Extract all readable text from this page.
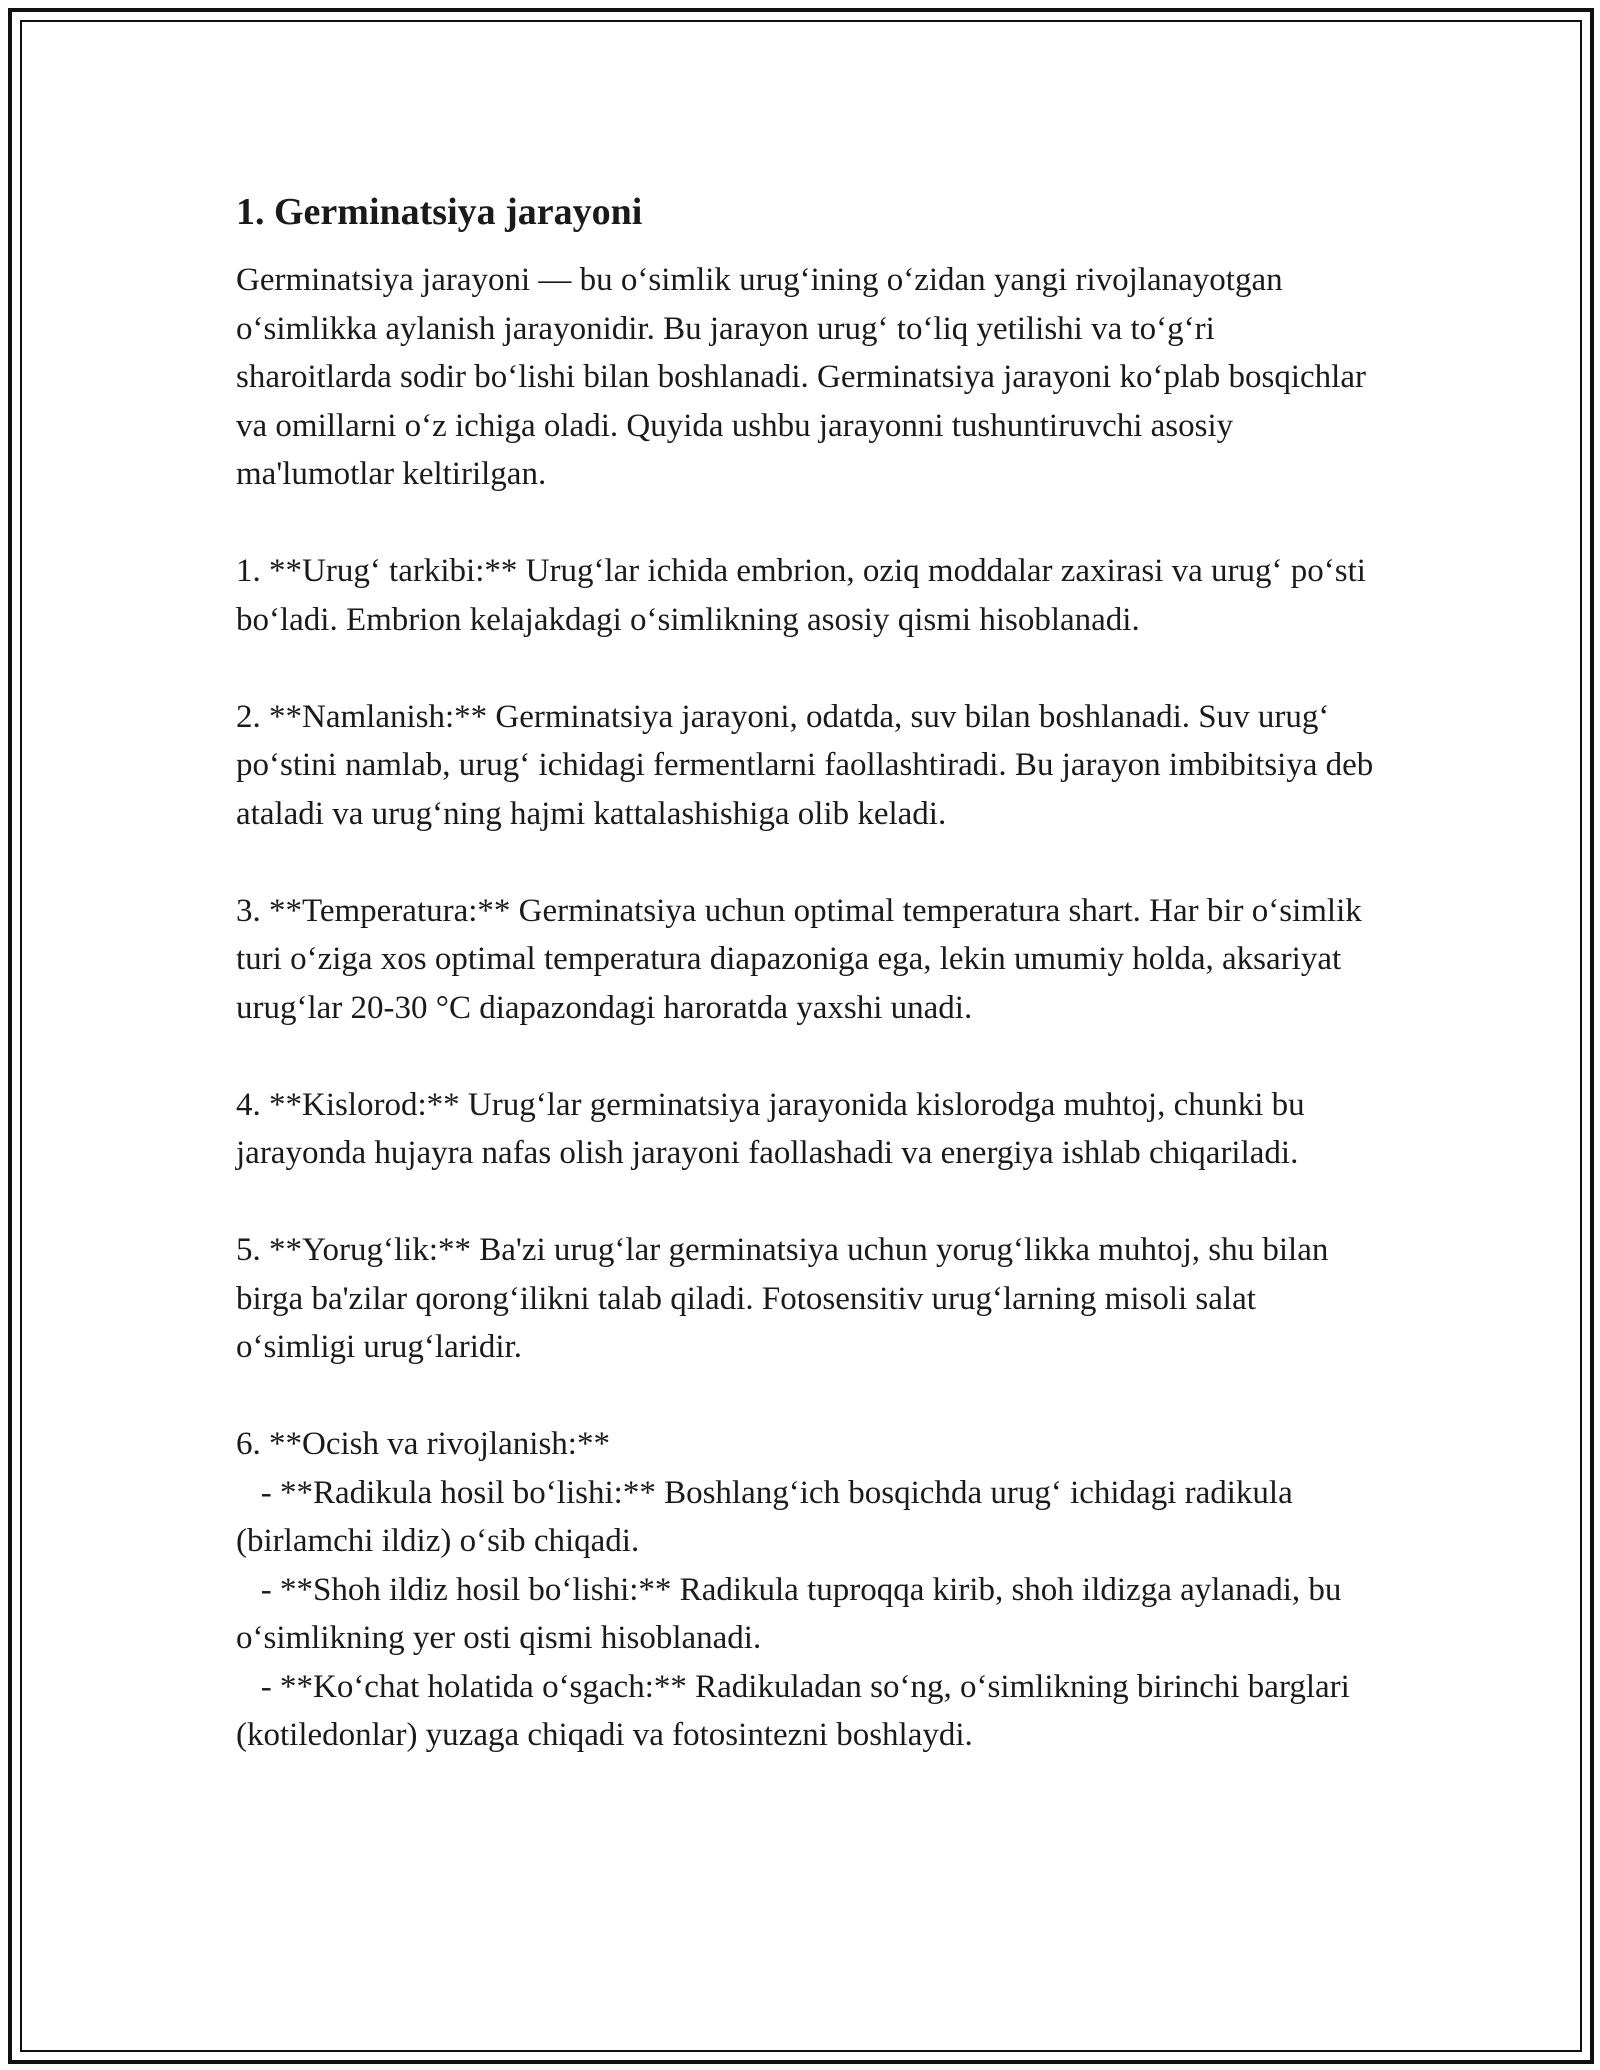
1. Germinatsiya jarayoni

Germinatsiya jarayoni — bu o‘simlik urug‘ining o‘zidan yangi rivojlanayotgan o‘simlikka aylanish jarayonidir. Bu jarayon urug‘ to‘liq yetilishi va to‘g‘ri sharoitlarda sodir bo‘lishi bilan boshlanadi. Germinatsiya jarayoni ko‘plab bosqichlar va omillarni o‘z ichiga oladi. Quyida ushbu jarayonni tushuntiruvchi asosiy ma'lumotlar keltirilgan.

1. **Urug‘ tarkibi:** Urug‘lar ichida embrion, oziq moddalar zaxirasi va urug‘ po‘sti bo‘ladi. Embrion kelajakdagi o‘simlikning asosiy qismi hisoblanadi.

2. **Namlanish:** Germinatsiya jarayoni, odatda, suv bilan boshlanadi. Suv urug‘ po‘stini namlab, urug‘ ichidagi fermentlarni faollashtiradi. Bu jarayon imbibitsiya deb ataladi va urug‘ning hajmi kattalashishiga olib keladi.

3. **Temperatura:** Germinatsiya uchun optimal temperatura shart. Har bir o‘simlik turi o‘ziga xos optimal temperatura diapazoniga ega, lekin umumiy holda, aksariyat urug‘lar 20-30 °C diapazondagi haroratda yaxshi unadi.

4. **Kislorod:** Urug‘lar germinatsiya jarayonida kislorodga muhtoj, chunki bu jarayonda hujayra nafas olish jarayoni faollashadi va energiya ishlab chiqariladi.

5. **Yorug‘lik:** Ba'zi urug‘lar germinatsiya uchun yorug‘likka muhtoj, shu bilan birga ba'zilar qorong‘ilikni talab qiladi. Fotosensitiv urug‘larning misoli salat o‘simligi urug‘laridir.

6. **Ocish va rivojlanish:**

- **Radikula hosil bo‘lishi:** Boshlang‘ich bosqichda urug‘ ichidagi radikula (birlamchi ildiz) o‘sib chiqadi.

- **Shoh ildiz hosil bo‘lishi:** Radikula tuproqqa kirib, shoh ildizga aylanadi, bu o‘simlikning yer osti qismi hisoblanadi.

- **Ko‘chat holatida o‘sgach:** Radikuladan so‘ng, o‘simlikning birinchi barglari (kotiledonlar) yuzaga chiqadi va fotosintezni boshlaydi.
